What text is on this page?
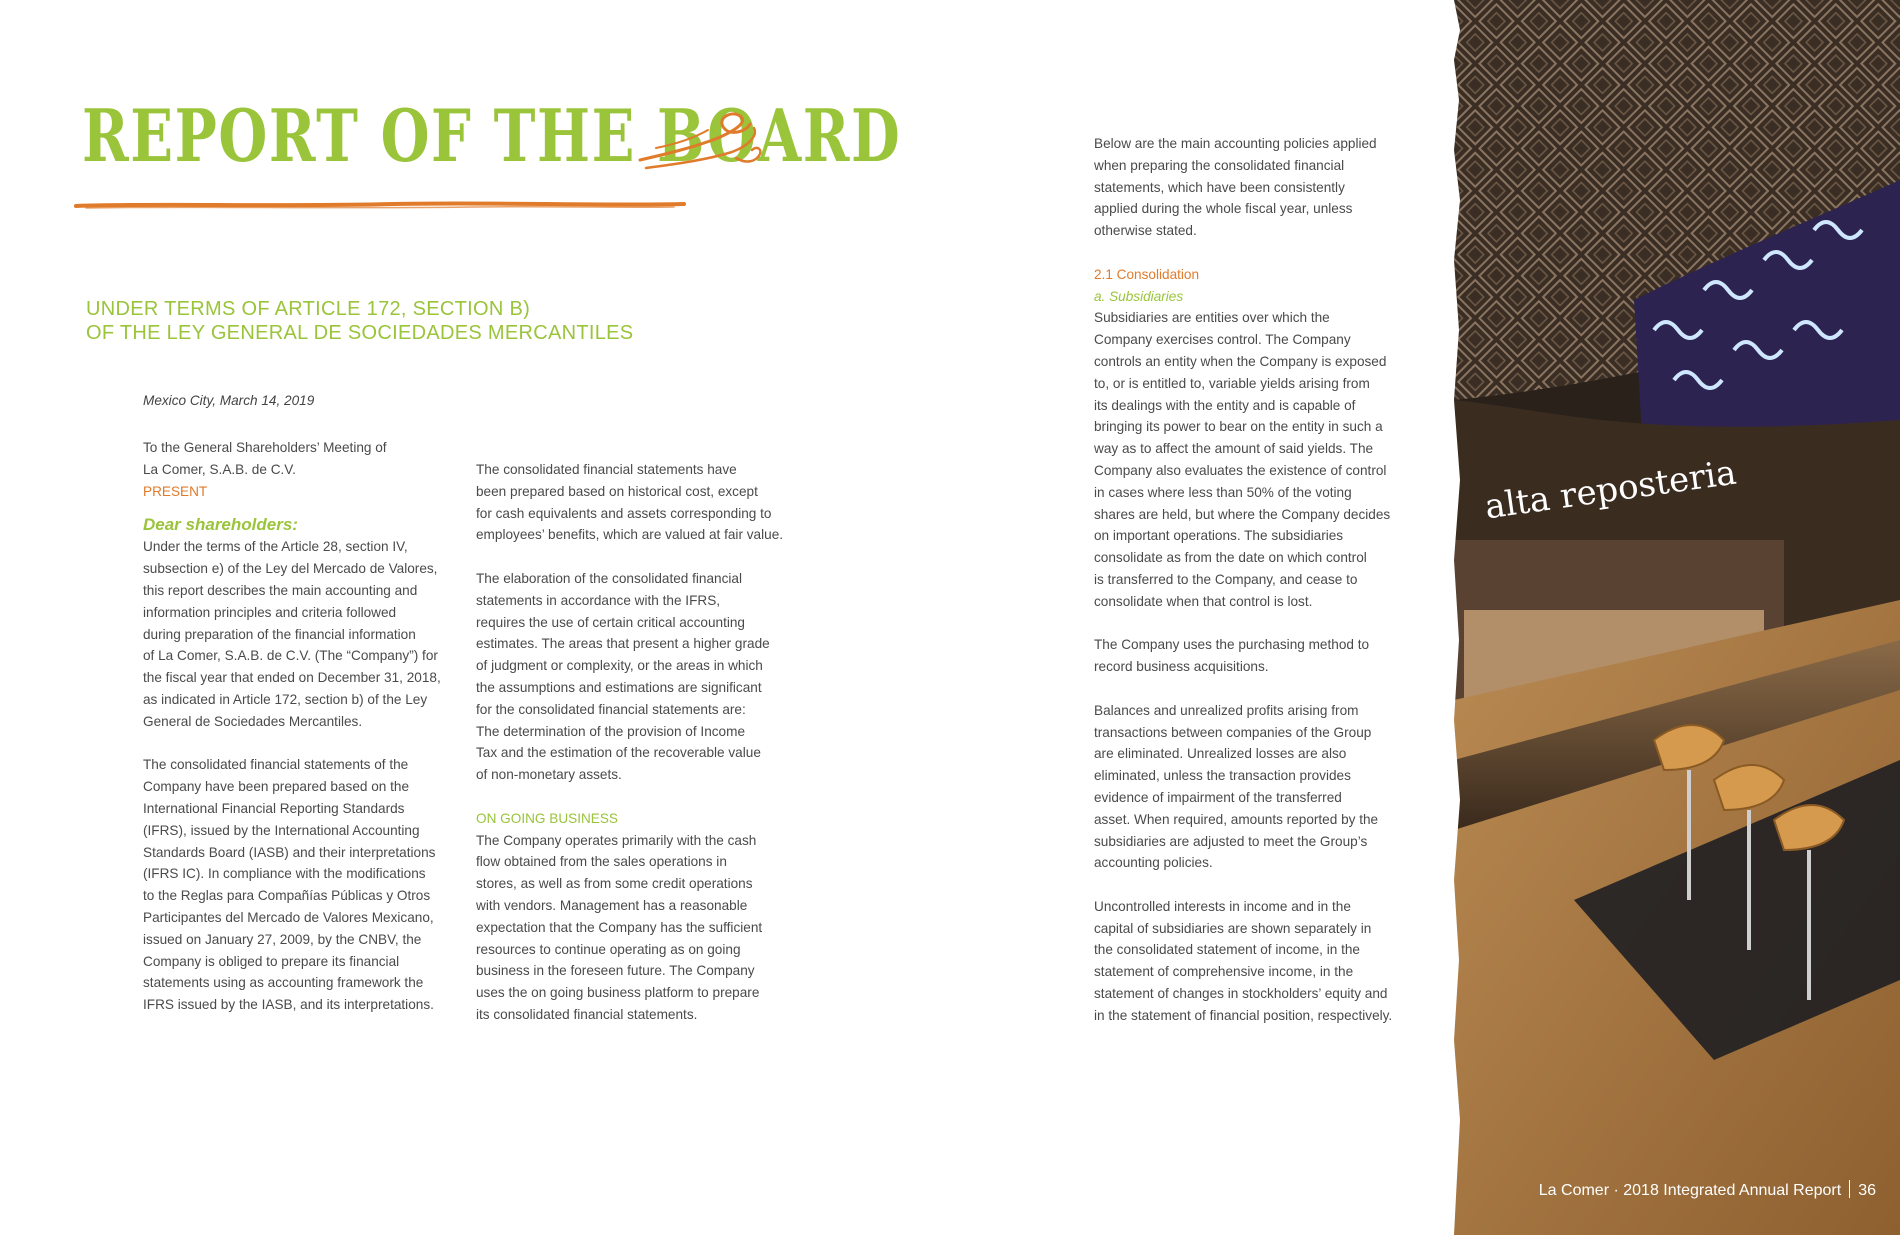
REPORT OF THE BOARD
UNDER TERMS OF ARTICLE 172, SECTION B)
OF THE LEY GENERAL DE SOCIEDADES MERCANTILES
Mexico City, March 14, 2019

To the General Shareholders’ Meeting of

La Comer, S.A.B. de C.V.

PRESENT

Dear shareholders:
Under the terms of the Article 28, section IV,
subsection e) of the Ley del Mercado de Valores,
this report describes the main accounting and
information principles and criteria followed
during preparation of the financial information
of La Comer, S.A.B. de C.V. (The “Company”) for
the fiscal year that ended on December 31, 2018,
as indicated in Article 172, section b) of the Ley
General de Sociedades Mercantiles.
The consolidated financial statements of the
Company have been prepared based on the
International Financial Reporting Standards
(IFRS), issued by the International Accounting
Standards Board (IASB) and their interpretations
(IFRS IC). In compliance with the modifications
to the Reglas para Compañías Públicas y Otros
Participantes del Mercado de Valores Mexicano,
issued on January 27, 2009, by the CNBV, the
Company is obliged to prepare its financial
statements using as accounting framework the
IFRS issued by the IASB, and its interpretations.
The consolidated financial statements have
been prepared based on historical cost, except
for cash equivalents and assets corresponding to
employees’ benefits, which are valued at fair value.
The elaboration of the consolidated financial
statements in accordance with the IFRS,
requires the use of certain critical accounting
estimates. The areas that present a higher grade
of judgment or complexity, or the areas in which
the assumptions and estimations are significant
for the consolidated financial statements are:
The determination of the provision of Income
Tax and the estimation of the recoverable value
of non-monetary assets.

ON GOING BUSINESS

The Company operates primarily with the cash
flow obtained from the sales operations in
stores, as well as from some credit operations
with vendors. Management has a reasonable
expectation that the Company has the sufficient
resources to continue operating as on going
business in the foreseen future. The Company
uses the on going business platform to prepare
its consolidated financial statements.
Below are the main accounting policies applied
when preparing the consolidated financial
statements, which have been consistently
applied during the whole fiscal year, unless
otherwise stated.

2.1 Consolidation

a. Subsidiaries

Subsidiaries are entities over which the
Company exercises control. The Company
controls an entity when the Company is exposed
to, or is entitled to, variable yields arising from
its dealings with the entity and is capable of
bringing its power to bear on the entity in such a
way as to affect the amount of said yields. The
Company also evaluates the existence of control
in cases where less than 50% of the voting
shares are held, but where the Company decides
on important operations. The subsidiaries
consolidate as from the date on which control
is transferred to the Company, and cease to
consolidate when that control is lost.
The Company uses the purchasing method to
record business acquisitions.
Balances and unrealized profits arising from
transactions between companies of the Group
are eliminated. Unrealized losses are also
eliminated, unless the transaction provides
evidence of impairment of the transferred
asset. When required, amounts reported by the
subsidiaries are adjusted to meet the Group’s
accounting policies.
Uncontrolled interests in income and in the
capital of subsidiaries are shown separately in
the consolidated statement of income, in the
statement of comprehensive income, in the
statement of changes in stockholders’ equity and
in the statement of financial position, respectively.
alta reposteria
La Comer · 2018 Integrated Annual Report 36
